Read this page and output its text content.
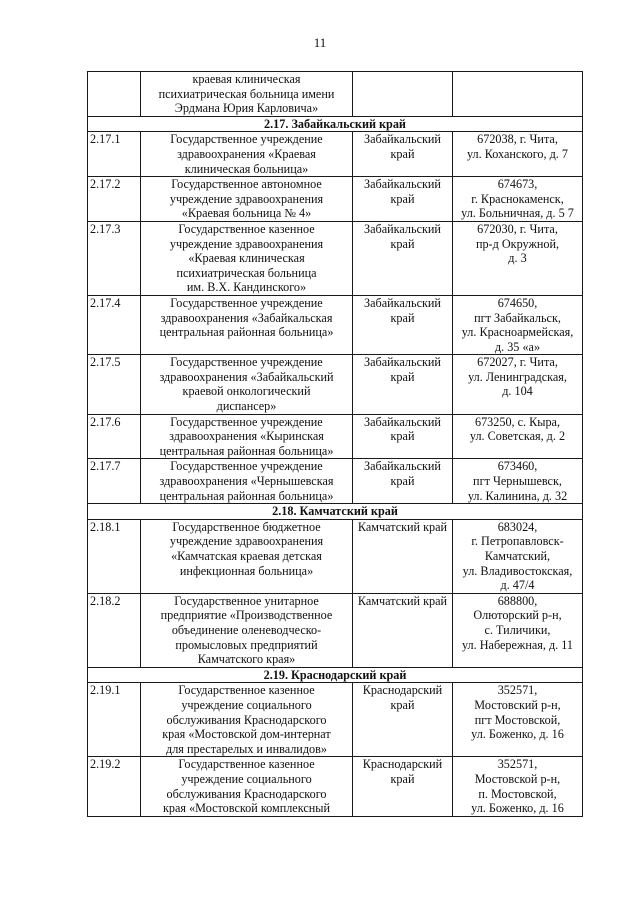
11

	краевая клиническая
психиатрическая больница имени
Эрдмана Юрия Карловича»		

2.17. Забайкальский край			
2.17.1	Государственное учреждение
здравоохранения «Краевая
клиническая больница»	Забайкальский
край	672038, г. Чита,
ул. Коханского, д. 7

2.17.2	Государственное автономное
учреждение здравоохранения
«Краевая больница № 4»	Забайкальский
край	674673,
г. Краснокаменск,
ул. Больничная, д. 5 7

2.17.3	Государственное казенное
учреждение здравоохранения
«Краевая клиническая
психиатрическая больница
им. В.Х. Кандинского»	Забайкальский
край	672030, г. Чита,
пр-д Окружной,
д. 3

2.17.4	Государственное учреждение
здравоохранения «Забайкальская
центральная районная больница»	Забайкальский
край	674650,
пгт Забайкальск,
ул. Красноармейская,
д. 35 «а»

2.17.5	Государственное учреждение
здравоохранения «Забайкальский
краевой онкологический
диспансер»	Забайкальский
край	672027, г. Чита,
ул. Ленинградская,
д. 104

2.17.6	Государственное учреждение
здравоохранения «Кыринская
центральная районная больница»	Забайкальский
край	673250, с. Кыра,
ул. Советская, д. 2

2.17.7	Государственное учреждение
здравоохранения «Чернышевская
центральная районная больница»	Забайкальский
край	673460,
пгт Чернышевск,
ул. Калинина, д. 32

2.18. Камчатский край			
2.18.1	Государственное бюджетное
учреждение здравоохранения
«Камчатская краевая детская
инфекционная больница»	Камчатский край	683024,
г. Петропавловск-
Камчатский,
ул. Владивостокская,
д. 47/4

2.18.2	Государственное унитарное
предприятие «Производственное
объединение оленеводческо-
промысловых предприятий
Камчатского края»	Камчатский край	688800,
Олюторский р-н,
с. Тиличики,
ул. Набережная, д. 11

2.19. Краснодарский край			
2.19.1	Государственное казенное
учреждение социального
обслуживания Краснодарского
края «Мостовской дом-интернат
для престарелых и инвалидов»	Краснодарский
край	352571,
Мостовский р-н,
пгт Мостовской,
ул. Боженко, д. 16

2.19.2	Государственное казенное
учреждение социального
обслуживания Краснодарского
края «Мостовской комплексный	Краснодарский
край	352571,
Мостовской р-н,
п. Мостовской,
ул. Боженко, д. 16
